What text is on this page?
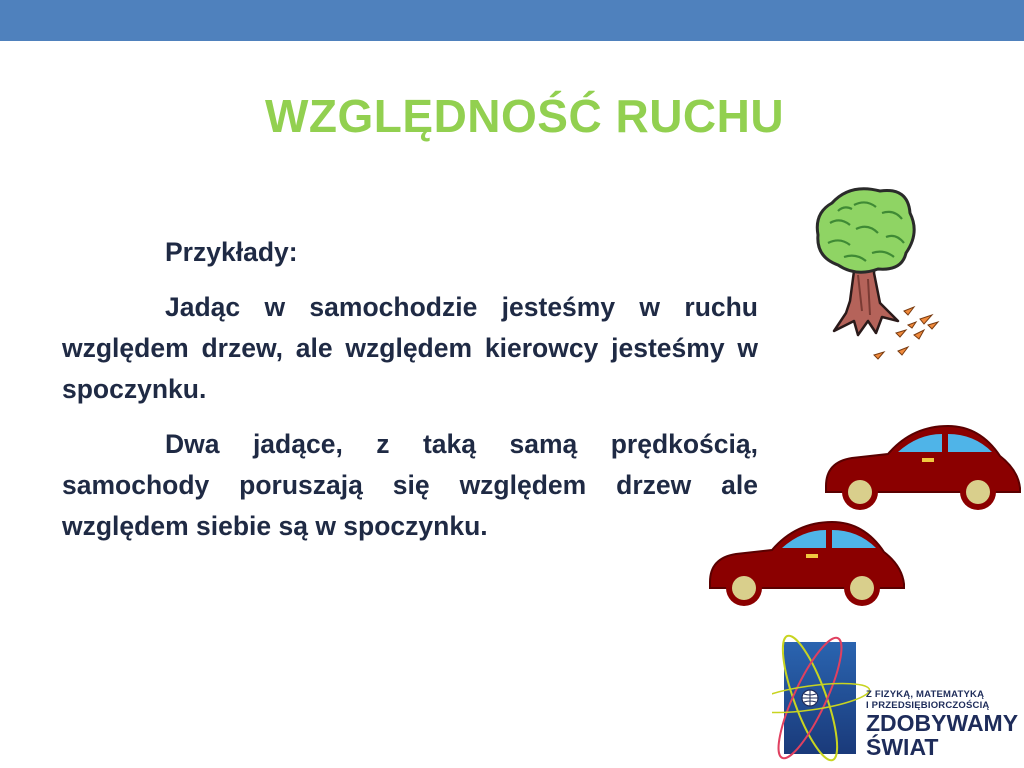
WZGLĘDNOŚĆ RUCHU

Przykłady:

Jadąc w samochodzie jesteśmy w ruchu względem drzew, ale względem kierowcy jesteśmy w spoczynku.

Dwa jadące, z taką samą prędkością, samochody poruszają się względem drzew ale względem siebie są w spoczynku.

Z FIZYKĄ, MATEMATYKĄ
I PRZEDSIĘBIORCZOŚCIĄ
ZDOBYWAMY
ŚWIAT
